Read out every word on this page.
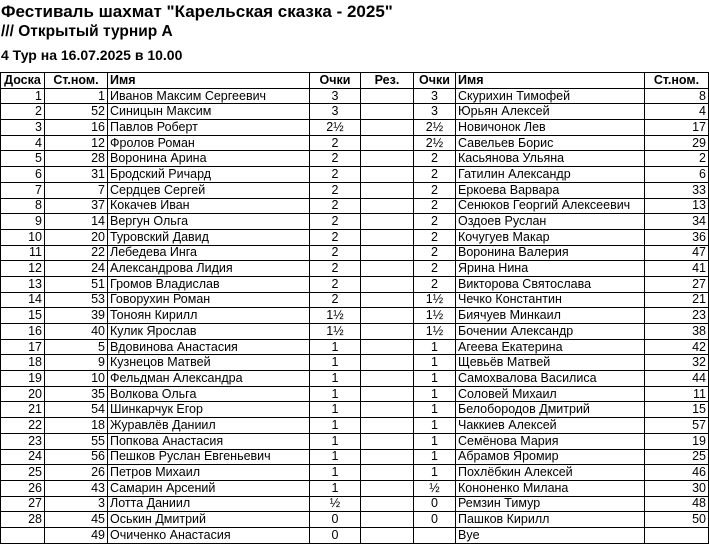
Фестиваль шахмат "Карельская сказка - 2025"
/// Открытый турнир А
4 Тур на 16.07.2025 в 10.00
Доска	Ст.ном.	Имя	Очки	Рез.	Очки	Имя	Ст.ном.
1	1	Иванов Максим Сергеевич	3		3	Скурихин Тимофей	8
2	52	Синицын Максим	3		3	Юрьян Алексей	4
3	16	Павлов Роберт	2½		2½	Новичонок Лев	17
4	12	Фролов Роман	2		2½	Савельев Борис	29
5	28	Воронина Арина	2		2	Касьянова Ульяна	2
6	31	Бродский Ричард	2		2	Гатилин Александр	6
7	7	Сердцев Сергей	2		2	Еркоева Варвара	33
8	37	Кокачев Иван	2		2	Сенюков Георгий Алексеевич	13
9	14	Вергун Ольга	2		2	Оздоев Руслан	34
10	20	Туровский Давид	2		2	Кочугуев Макар	36
11	22	Лебедева Инга	2		2	Воронина Валерия	47
12	24	Александрова Лидия	2		2	Ярина Нина	41
13	51	Громов Владислав	2		2	Викторова Святослава	27
14	53	Говорухин Роман	2		1½	Чечко Константин	21
15	39	Тоноян Кирилл	1½		1½	Биячуев Минкаил	23
16	40	Кулик Ярослав	1½		1½	Бочении Александр	38
17	5	Вдовинова Анастасия	1		1	Агеева Екатерина	42
18	9	Кузнецов Матвей	1		1	Щевьёв Матвей	32
19	10	Фельдман Александра	1		1	Самохвалова Василиса	44
20	35	Волкова Ольга	1		1	Соловей Михаил	11
21	54	Шинкарчук Егор	1		1	Белобородов Дмитрий	15
22	18	Журавлёв Даниил	1		1	Чаккиев Алексей	57
23	55	Попкова Анастасия	1		1	Семёнова Мария	19
24	56	Пешков Руслан Евгеньевич	1		1	Абрамов Яромир	25
25	26	Петров Михаил	1		1	Похлёбкин Алексей	46
26	43	Самарин Арсений	1		½	Кононенко Милана	30
27	3	Лотта Даниил	½		0	Ремзин Тимур	48
28	45	Оськин Дмитрий	0		0	Пашков Кирилл	50
	49	Очиченко Анастасия	0			Bye	
